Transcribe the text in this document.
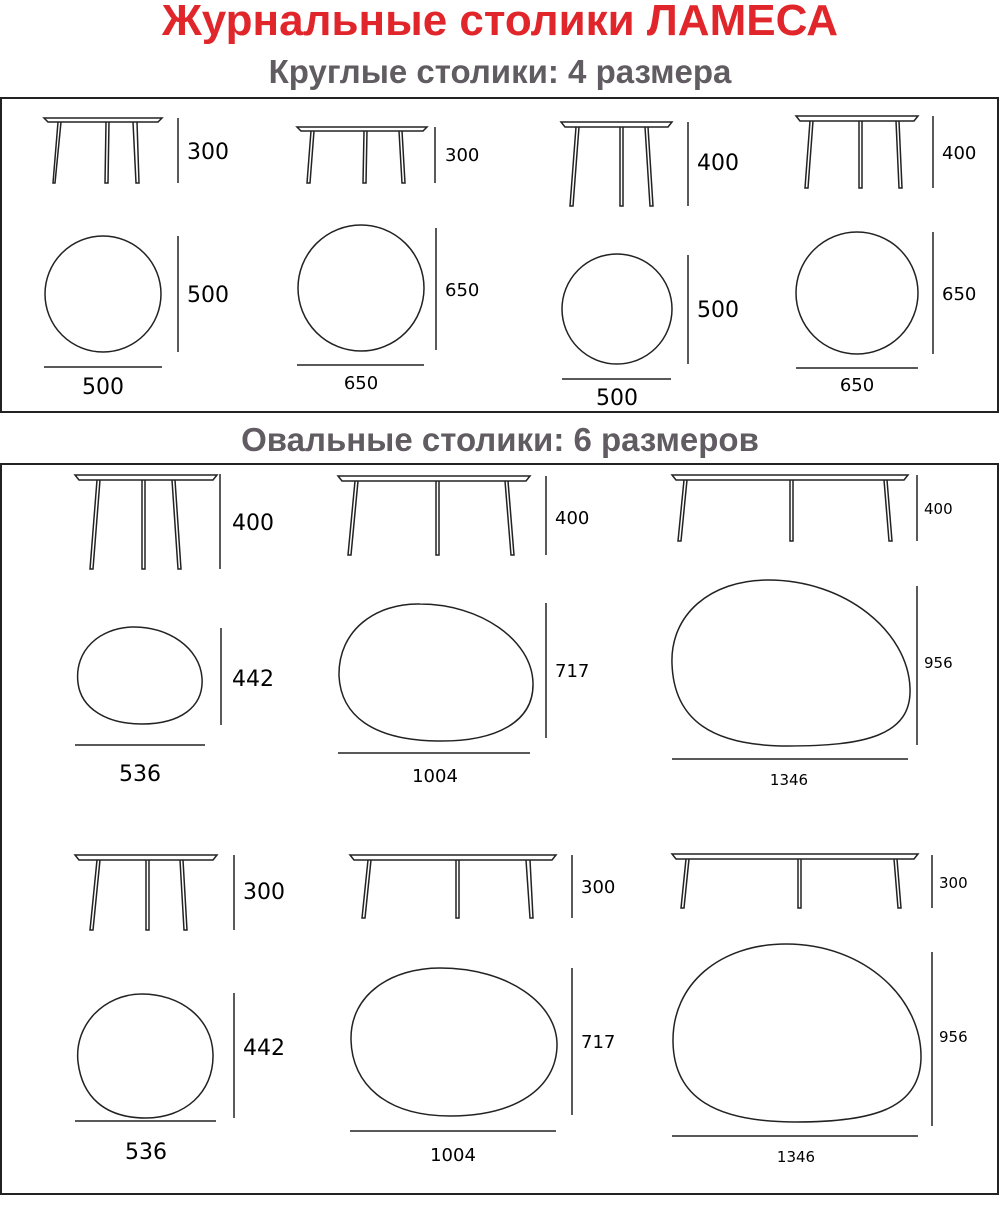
Журнальные столики ЛАМЕСА
Круглые столики: 4 размера
Овальные столики: 6 размеров
300
500
500
300
650
650
400
500
500
400
650
650
400
442
536
400
717
1004
400
956
1346
300
442
536
300
717
1004
300
956
1346
